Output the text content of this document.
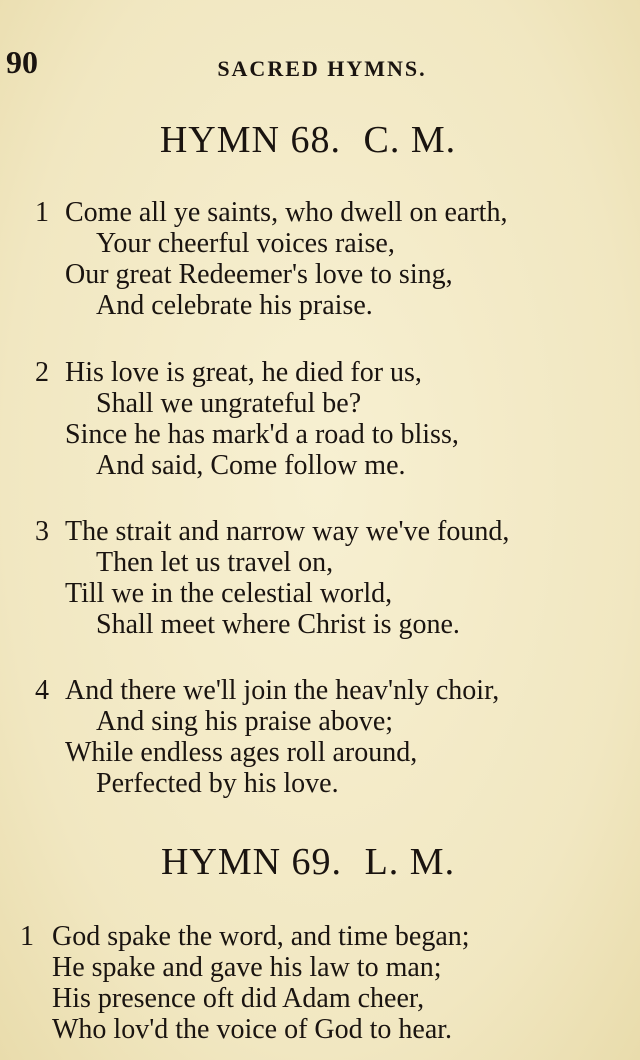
90	SACRED HYMNS.
HYMN 68. C. M.
1 Come all ye saints, who dwell on earth,
Your cheerful voices raise,
Our great Redeemer's love to sing,
And celebrate his praise.
2 His love is great, he died for us,
Shall we ungrateful be?
Since he has mark'd a road to bliss,
And said, Come follow me.
3 The strait and narrow way we've found,
Then let us travel on,
Till we in the celestial world,
Shall meet where Christ is gone.
4 And there we'll join the heav'nly choir,
And sing his praise above;
While endless ages roll around,
Perfected by his love.
HYMN 69. L. M.
1 God spake the word, and time began;
He spake and gave his law to man;
His presence oft did Adam cheer,
Who lov'd the voice of God to hear.
